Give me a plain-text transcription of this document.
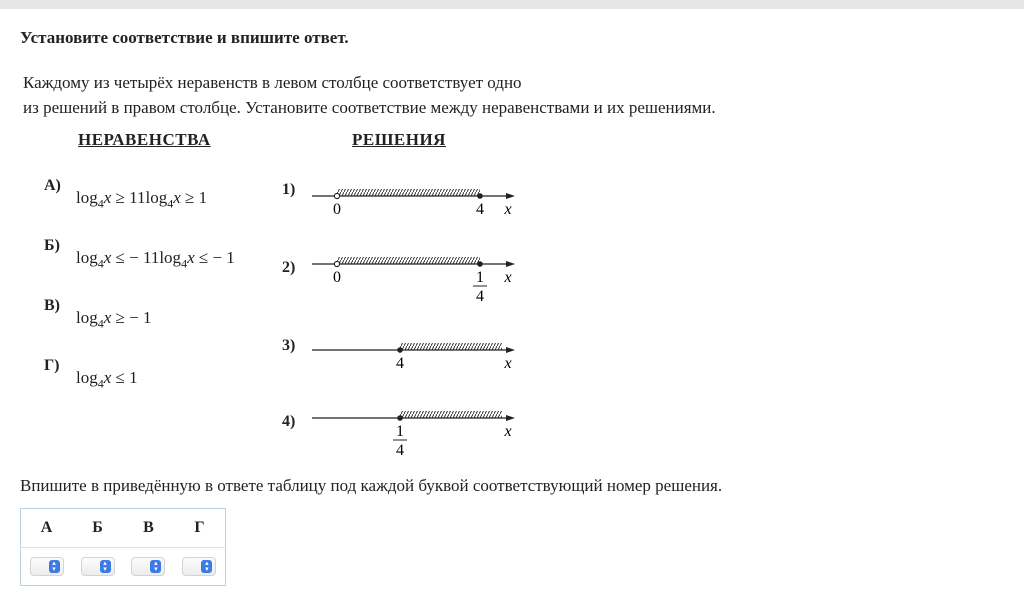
Установите соответствие и впишите ответ.
Каждому из четырёх неравенств в левом столбце соответствует одно
из решений в правом столбце. Установите соответствие между неравенствами и их решениями.
НЕРАВЕНСТВА	РЕШЕНИЯ
А)
$\log_4x \ge 11\log_4x \ge 1$
Б)
$\log_4x$ ≤ − $11\log_4x$ ≤ − 1
В)
$\log_4x$ ≥ − 1
Г)
$\log_4x \le 1$
1)
0	4 x
2)
0	1
4
x
3)
4	x
4)
1
4
x
Впишите в приведённую в ответе таблицу под каждой буквой соответствующий номер решения.
А	Б	В	Г

▴
▾	▴
▾	▴
▾	▴
▾
